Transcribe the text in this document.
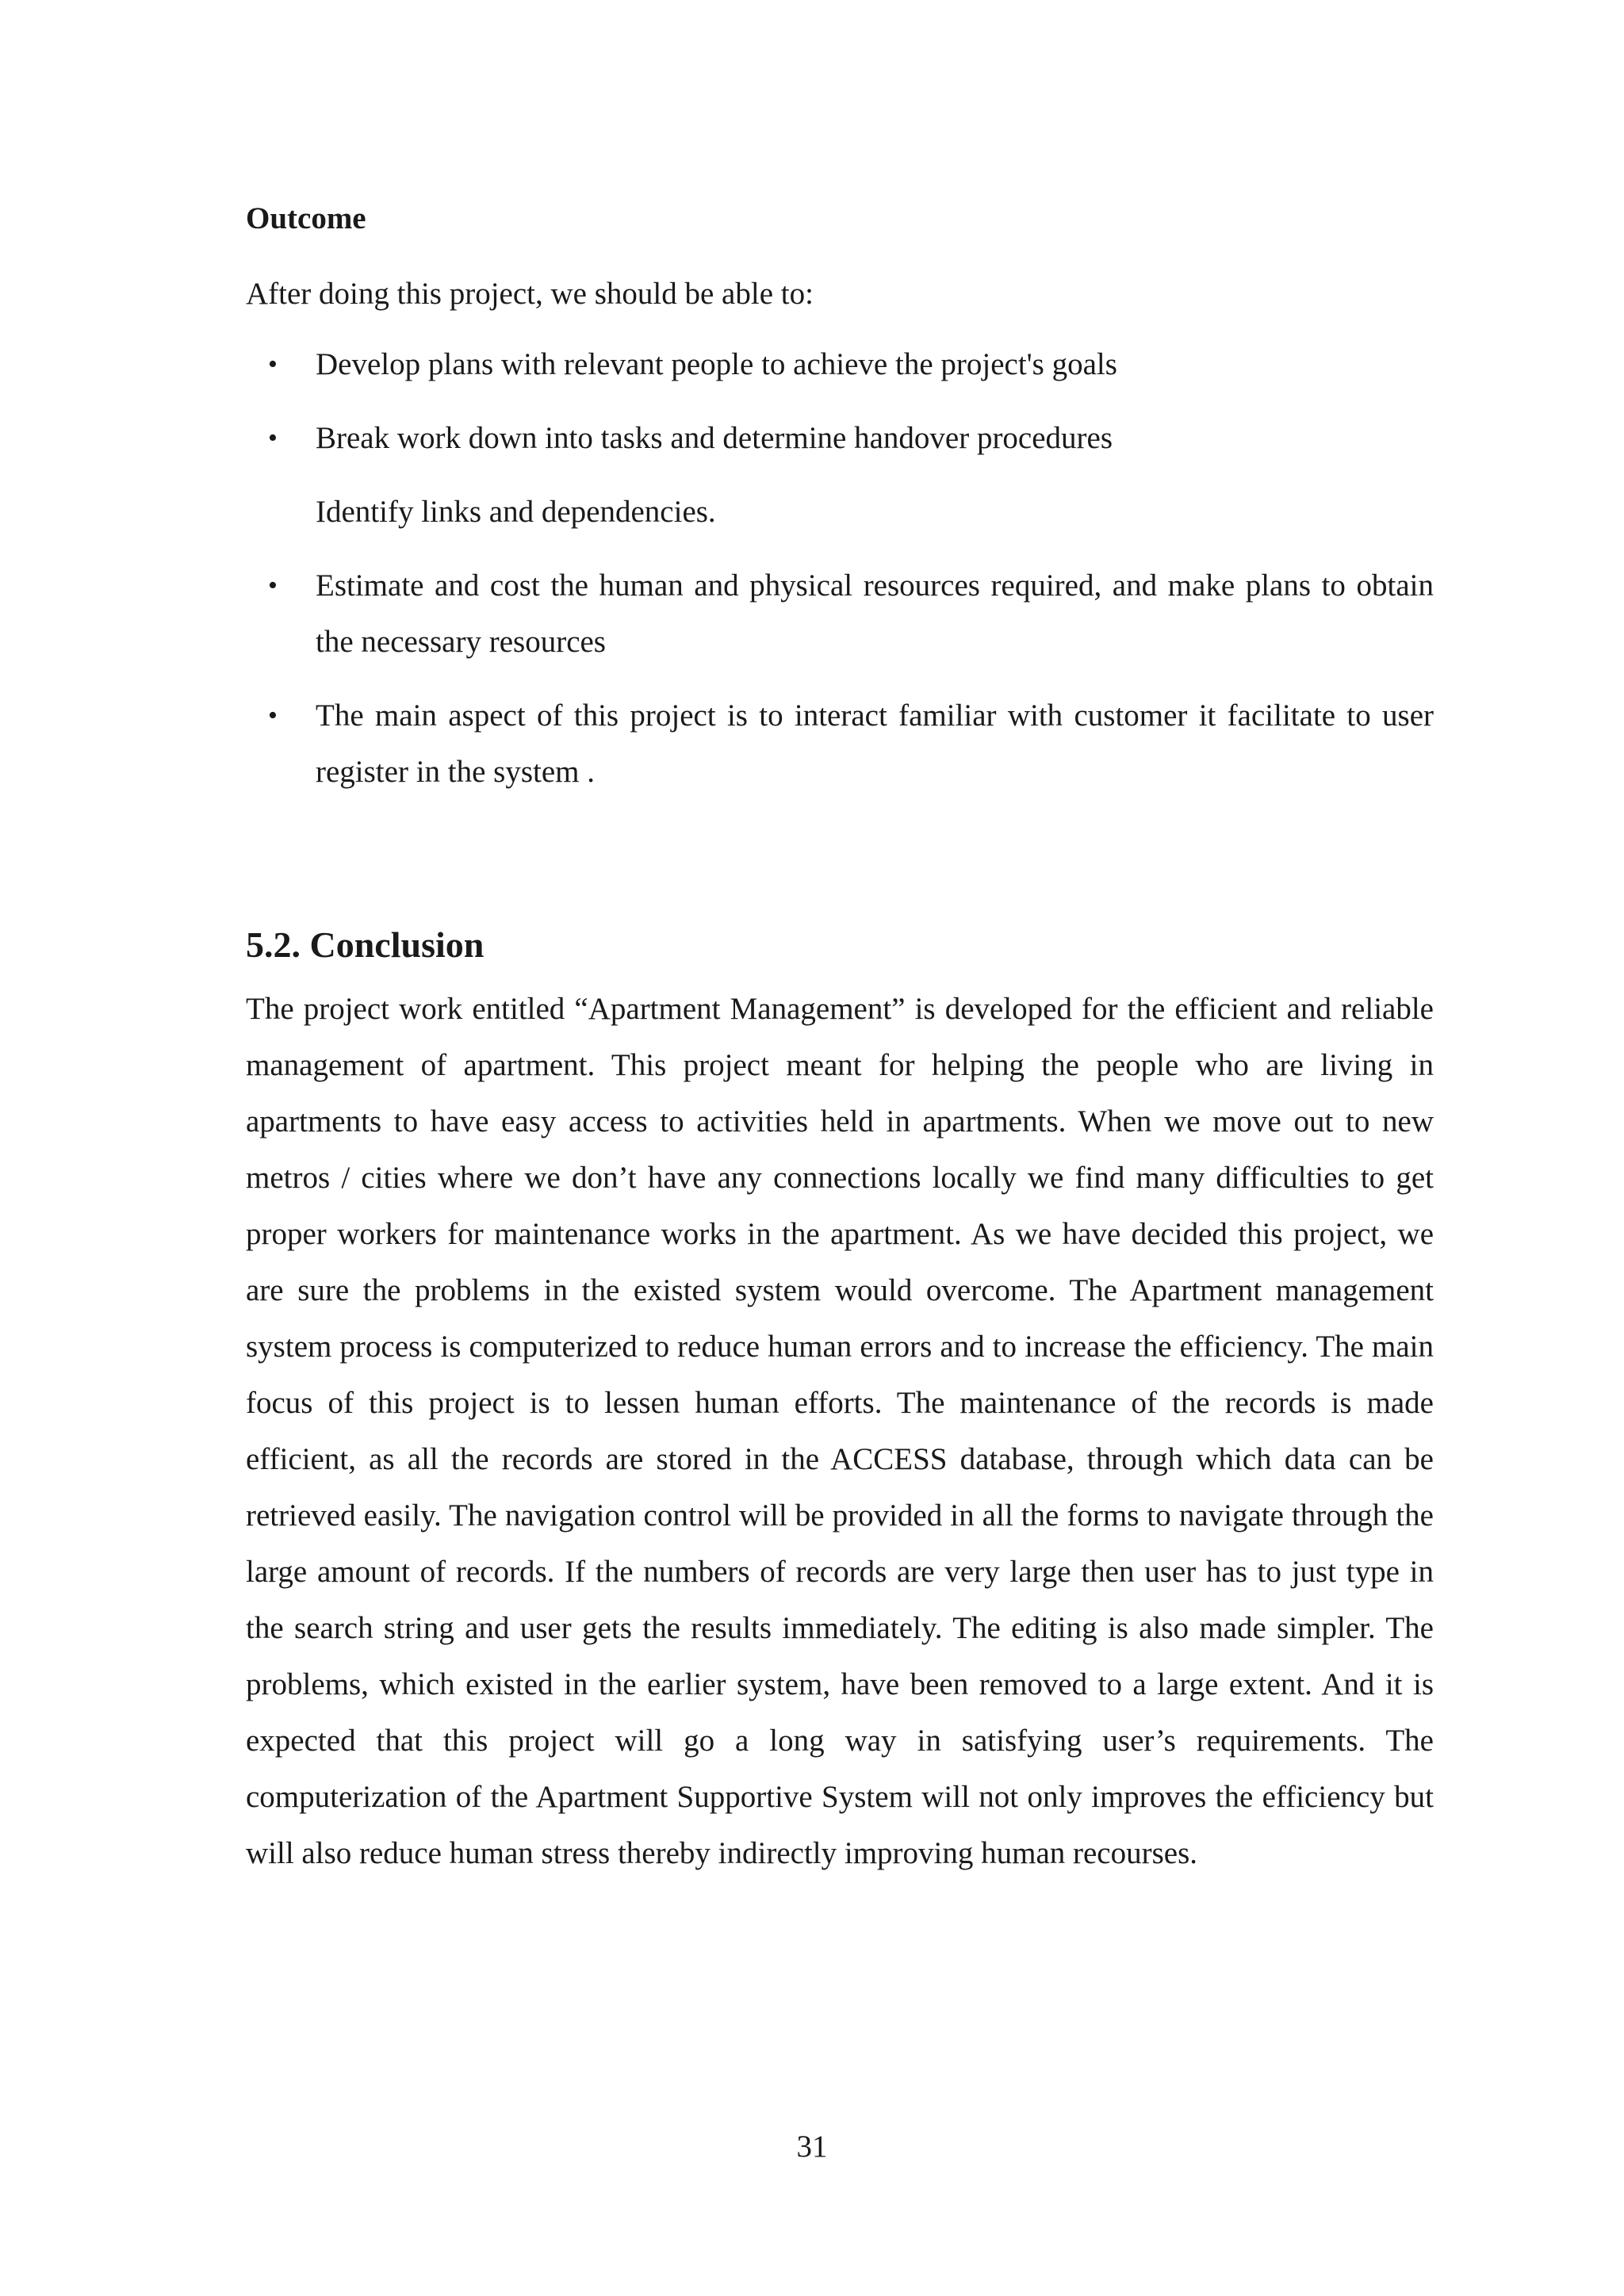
Outcome

After doing this project, we should be able to:

• Develop plans with relevant people to achieve the project's goals
• Break work down into tasks and determine handover procedures
Identify links and dependencies.
• Estimate and cost the human and physical resources required, and make plans to obtain the necessary resources
• The main aspect of this project is to interact familiar with customer it facilitate to user register in the system .
5.2. Conclusion

The project work entitled “Apartment Management” is developed for the efficient and reliable management of apartment. This project meant for helping the people who are living in apartments to have easy access to activities held in apartments. When we move out to new metros / cities where we don’t have any connections locally we find many difficulties to get proper workers for maintenance works in the apartment. As we have decided this project, we are sure the problems in the existed system would overcome. The Apartment management system process is computerized to reduce human errors and to increase the efficiency. The main focus of this project is to lessen human efforts. The maintenance of the records is made efficient, as all the records are stored in the ACCESS database, through which data can be retrieved easily. The navigation control will be provided in all the forms to navigate through the large amount of records. If the numbers of records are very large then user has to just type in the search string and user gets the results immediately. The editing is also made simpler. The problems, which existed in the earlier system, have been removed to a large extent. And it is expected that this project will go a long way in satisfying user’s requirements. The computerization of the Apartment Supportive System will not only improves the efficiency but will also reduce human stress thereby indirectly improving human recourses.

31
